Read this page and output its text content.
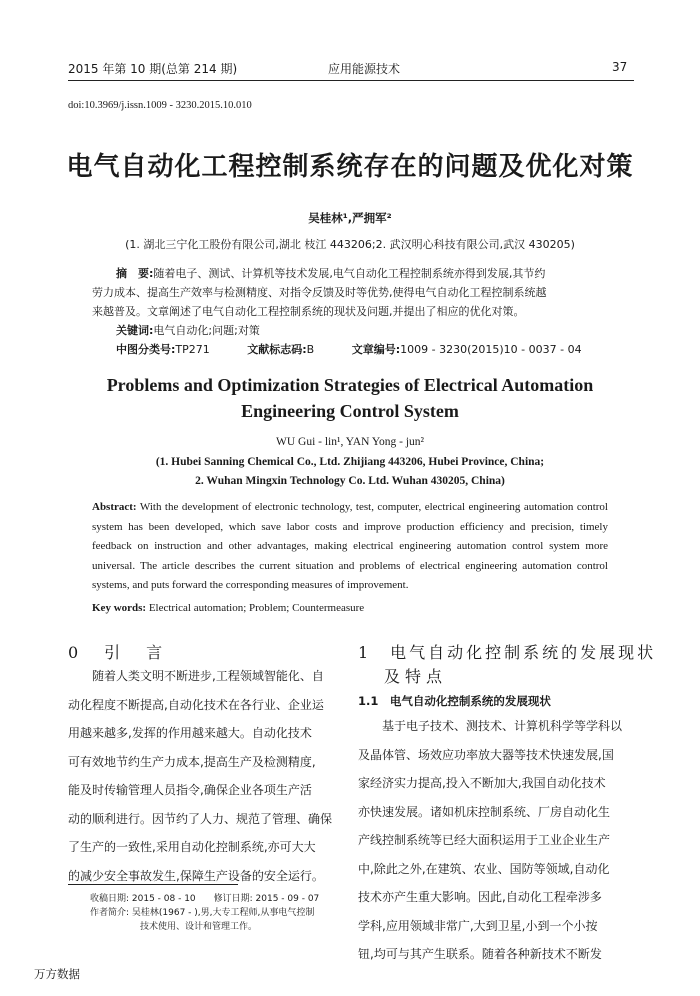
2015 年第 10 期(总第 214 期)	应用能源技术	37
doi:10.3969/j.issn.1009 - 3230.2015.10.010
电气自动化工程控制系统存在的问题及优化对策
吴桂林¹,严拥军²
(1. 湖北三宁化工股份有限公司,湖北 枝江 443206;2. 武汉明心科技有限公司,武汉 430205)
摘　要:随着电子、测试、计算机等技术发展,电气自动化工程控制系统亦得到发展,其节约
劳力成本、提高生产效率与检测精度、对指令反馈及时等优势,使得电气自动化工程控制系统越
来越普及。文章阐述了电气自动化工程控制系统的现状及问题,并提出了相应的优化对策。
关键词:电气自动化;问题;对策
中图分类号:TP271	文献标志码:B	文章编号:1009 - 3230(2015)10 - 0037 - 04
Problems and Optimization Strategies of Electrical Automation
Engineering Control System
WU Gui - lin¹, YAN Yong - jun²
(1. Hubei Sanning Chemical Co., Ltd. Zhijiang 443206, Hubei Province, China;
2. Wuhan Mingxin Technology Co. Ltd. Wuhan 430205, China)
Abstract: With the development of electronic technology, test, computer, electrical engineering automation control system has been developed, which save labor costs and improve production efficiency and precision, timely feedback on instruction and other advantages, making electrical engineering automation control system more universal. The article describes the current situation and problems of electrical engineering automation control systems, and puts forward the corresponding measures of improvement.
Key words: Electrical automation; Problem; Countermeasure
0　引　言

　　随着人类文明不断进步,工程领域智能化、自

动化程度不断提高,自动化技术在各行业、企业运

用越来越多,发挥的作用越来越大。自动化技术

可有效地节约生产力成本,提高生产及检测精度,

能及时传输管理人员指令,确保企业各项生产活

动的顺利进行。因节约了人力、规范了管理、确保

了生产的一致性,采用自动化控制系统,亦可大大

的减少安全事故发生,保障生产设备的安全运行。

收稿日期: 2015 - 08 - 10　　修订日期: 2015 - 09 - 07
作者简介: 吴桂林(1967 - ),男,大专工程师,从事电气控制
技术使用、设计和管理工作。
1　电气自动化控制系统的发展现状
及特点
1.1　电气自动化控制系统的发展现状

　　基于电子技术、测技术、计算机科学等学科以

及晶体管、场效应功率放大器等技术快速发展,国

家经济实力提高,投入不断加大,我国自动化技术

亦快速发展。诸如机床控制系统、厂房自动化生

产线控制系统等已经大面积运用于工业企业生产

中,除此之外,在建筑、农业、国防等领域,自动化

技术亦产生重大影响。因此,自动化工程牵涉多

学科,应用领域非常广,大到卫星,小到一个小按

钮,均可与其产生联系。随着各种新技术不断发

万方数据
